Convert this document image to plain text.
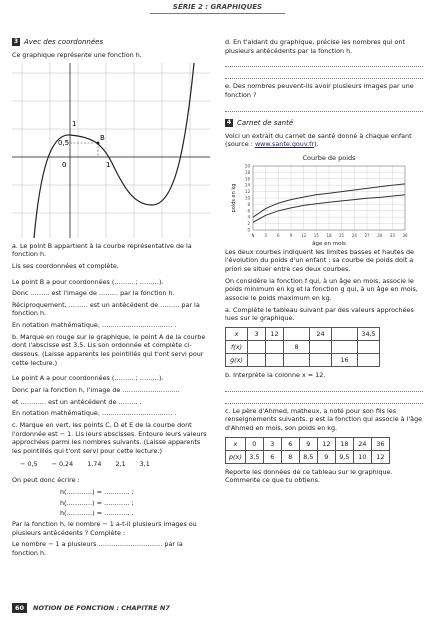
SÉRIE 2 : GRAPHIQUES
3 Avec des coordonnées

Ce graphique représente une fonction h.

1
0,5
0	1
B

a. Le point B appartient à la courbe représentative de la fonction h.

Lis ses coordonnées et complète.

Le point B a pour coordonnées (……… ; ………).

Donc ……… est l'image de ……… par la fonction h.

Réciproquement, ……… est un antécédent de ……… par la fonction h.

En notation mathématique, …………………………… .

b. Marque en rouge sur le graphique, le point A de la courbe dont l'abscisse est 3,5. Lis son ordonnée et complète ci-dessous. (Laisse apparents les pointillés qui t'ont servi pour cette lecture.)

Le point A a pour coordonnées (……… ; ………).

Donc par la fonction h, l'image de ………………………

et ………… est un antécédent de ……… .

En notation mathématique, …………………………… .

c. Marque en vert, les points C, D et E de la courbe dont l'ordonnée est − 1. Lis leurs abscisses. Entoure leurs valeurs approchées parmi les nombres suivants. (Laisse apparents les pointillés qui t'ont servi pour cette lecture.)

− 0,5 − 0,24 1,74 2,1 3,1

On peut donc écrire :

h(…………) ≈ ………… ;

h(…………) ≈ ………… ;

h(…………) ≈ ………… .

Par la fonction h, le nombre − 1 a-t-il plusieurs images ou plusieurs antécédents ? Complète :

Le nombre − 1 a plusieurs ………………………… par la fonction h.

d. En t'aidant du graphique, précise les nombres qui ont plusieurs antécédents par la fonction h.

e. Des nombres peuvent-ils avoir plusieurs images par une fonction ?

4 Carnet de santé

Voici un extrait du carnet de santé donné à chaque enfant (source : www.sante.gouv.fr).

Courbe de poids
0
2
4
6
8
10
12
14
16
18
20
N 3	6	9 12 15 18 21 24 27 30 33 36
poids en kg
âge en mois

Les deux courbes indiquent les limites basses et hautes de l'évolution du poids d'un enfant : sa courbe de poids doit a priori se situer entre ces deux courbes.

On considère la fonction f qui, à un âge en mois, associe le poids minimum en kg et la fonction g qui, à un âge en mois, associe le poids maximum en kg.

a. Complète le tableau suivant par des valeurs approchées lues sur le graphique.

x	3	12		24		34,5
f(x)			8			
g(x)					16	

b. Interprète la colonne x = 12.

c. Le père d'Ahmed, matheux, a noté pour son fils les renseignements suivants. p est la fonction qui associe à l'âge d'Ahmed en mois, son poids en kg.

x	0	3	6	9	12	18	24	36
p(x)	3,5	6	8	8,5	9	9,5	10	12

Reporte les données de ce tableau sur le graphique. Commente ce que tu obtiens.

60	NOTION DE FONCTION : CHAPITRE N7
